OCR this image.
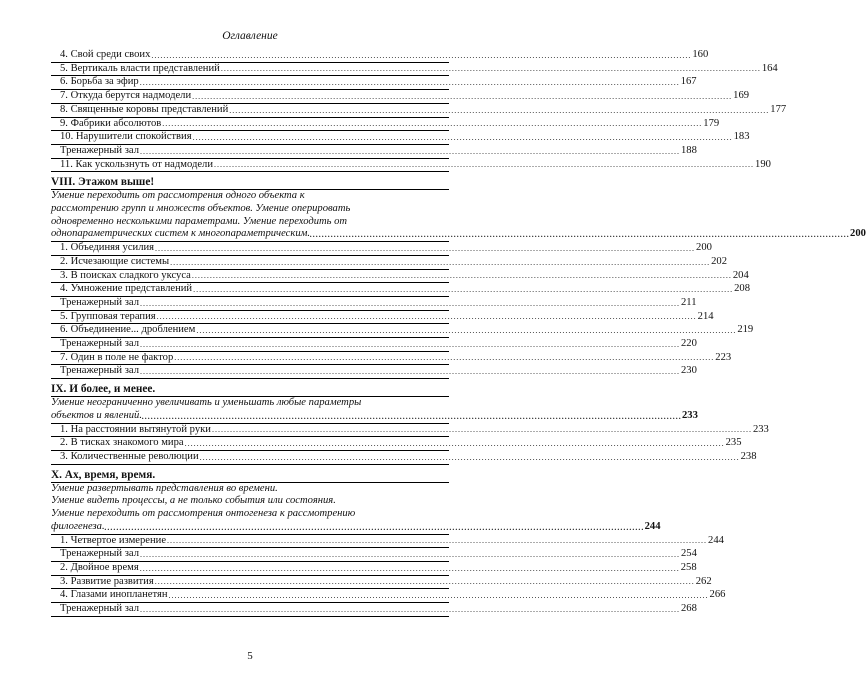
Оглавление
4. Свой среди своих .................................................................................................................................................................................... 160
5. Вертикаль власти представлений .................................................................................................................................................................................... 164
6. Борьба за эфир .................................................................................................................................................................................... 167
7. Откуда берутся надмодели .................................................................................................................................................................................... 169
8. Священные коровы представлений .................................................................................................................................................................................... 177
9. Фабрики абсолютов .................................................................................................................................................................................... 179
10. Нарушители спокойствия .................................................................................................................................................................................... 183
Тренажерный зал .................................................................................................................................................................................... 188
11. Как ускользнуть от надмодели .................................................................................................................................................................................... 190
VIII. Этажом выше!
Умение переходить от рассмотрения одного объекта к
рассмотрению групп и множеств объектов. Умение оперировать
одновременно несколькими параметрами. Умение переходить от
однопараметрических систем к многопараметрическим. .................................................................................................................................................................................... 200
1. Объединяя усилия .................................................................................................................................................................................... 200
2. Исчезающие системы .................................................................................................................................................................................... 202
3. В поисках сладкого уксуса .................................................................................................................................................................................... 204
4. Умножение представлений .................................................................................................................................................................................... 208
Тренажерный зал .................................................................................................................................................................................... 211
5. Групповая терапия .................................................................................................................................................................................... 214
6. Объединение... дроблением .................................................................................................................................................................................... 219
Тренажерный зал .................................................................................................................................................................................... 220
7. Один в поле не фактор .................................................................................................................................................................................... 223
Тренажерный зал .................................................................................................................................................................................... 230
IX. И более, и менее.
Умение неограниченно увеличивать и уменьшать любые параметры
объектов и явлений. .................................................................................................................................................................................... 233
1. На расстоянии вытянутой руки .................................................................................................................................................................................... 233
2. В тисках знакомого мира .................................................................................................................................................................................... 235
3. Количественные революции .................................................................................................................................................................................... 238
X. Ах, время, время.
Умение развертывать представления во времени.
Умение видеть процессы, а не только события или состояния.
Умение переходить от рассмотрения онтогенеза к рассмотрению
филогенеза. .................................................................................................................................................................................... 244
1. Четвертое измерение .................................................................................................................................................................................... 244
Тренажерный зал .................................................................................................................................................................................... 254
2. Двойное время .................................................................................................................................................................................... 258
3. Развитие развития .................................................................................................................................................................................... 262
4. Глазами инопланетян .................................................................................................................................................................................... 266
Тренажерный зал .................................................................................................................................................................................... 268
5
